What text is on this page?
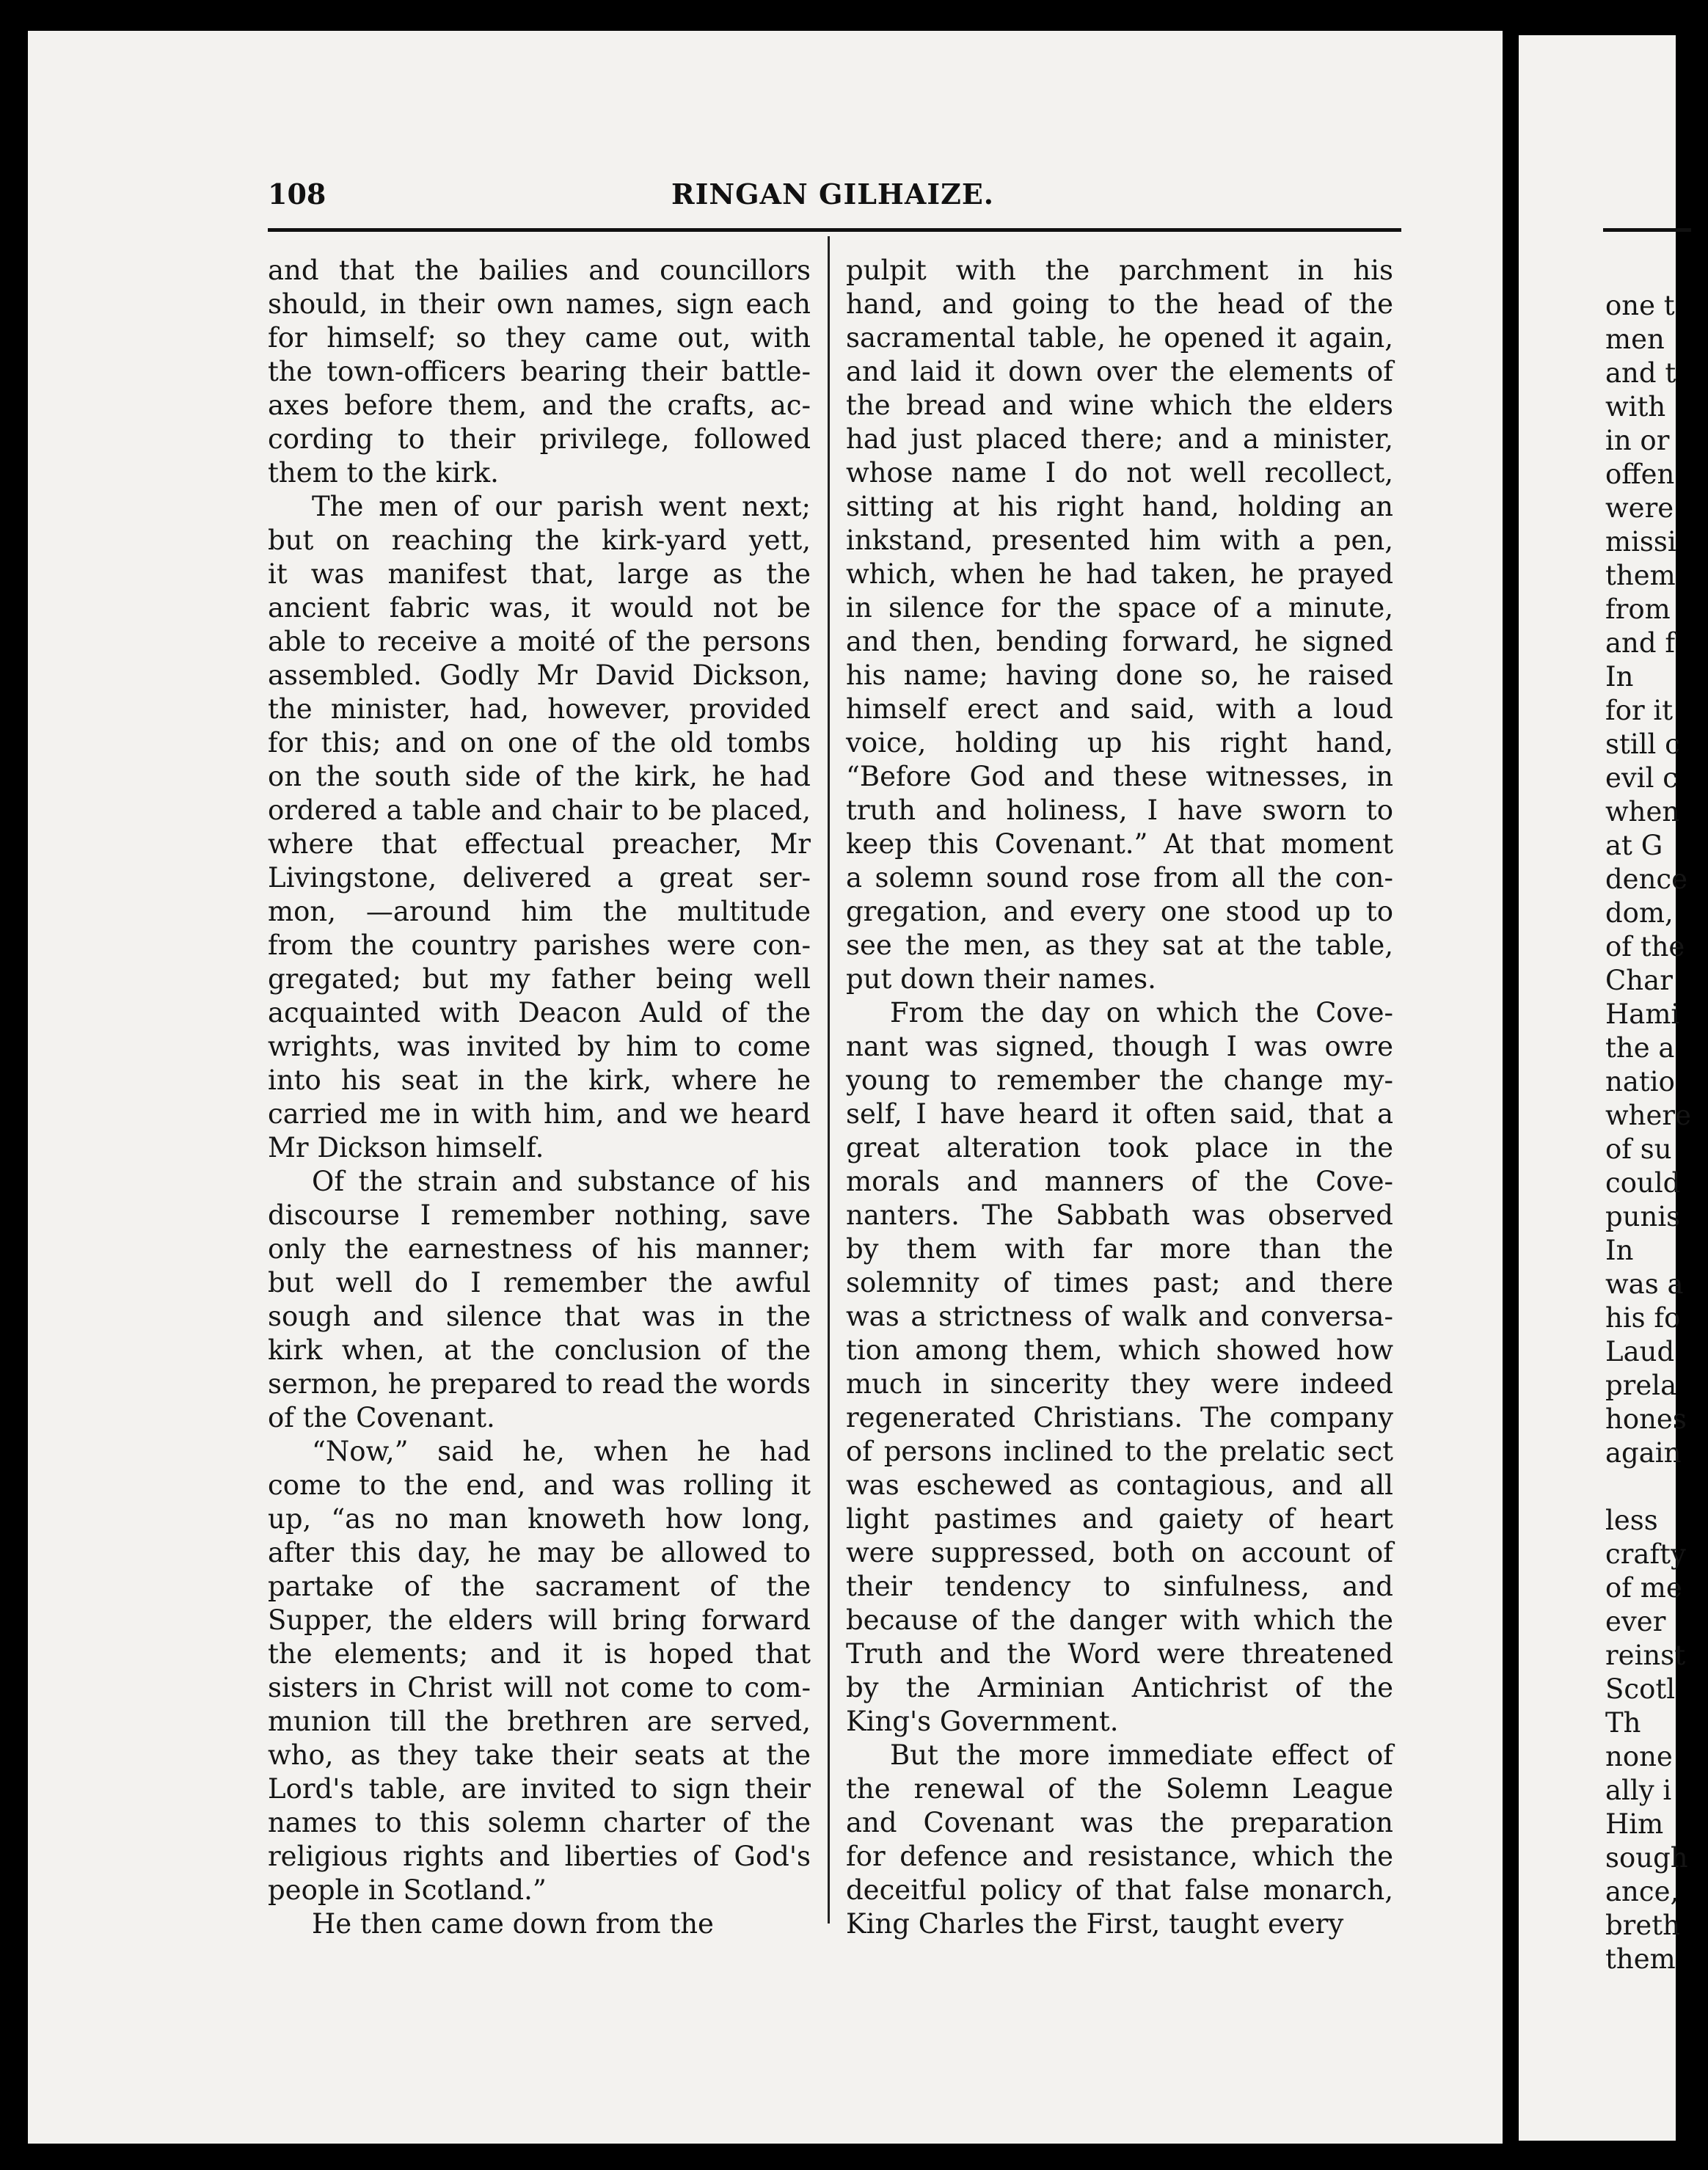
one t
men
and t
with
in or
offen
were
missi
them
from
and f
In
for it
still c
evil c
when
at G
dence
dom,
of the
Char
Hami
the a
natio
where
of su
could
punis
In
was a
his fo
Laud
prela
hones
again
less
crafty
of me
ever
reinst
Scotl
Th
none
ally i
Him
sough
ance,
breth
them
108	RINGAN GILHAIZE.
and that the bailies and councillors
should, in their own names, sign each
for himself; so they came out, with
the town-officers bearing their battle-
axes before them, and the crafts, ac-
cording to their privilege, followed
them to the kirk.
The men of our parish went next;
but on reaching the kirk-yard yett,
it was manifest that, large as the
ancient fabric was, it would not be
able to receive a moité of the persons
assembled. Godly Mr David Dickson,
the minister, had, however, provided
for this; and on one of the old tombs
on the south side of the kirk, he had
ordered a table and chair to be placed,
where that effectual preacher, Mr
Livingstone, delivered a great ser-
mon, —around him the multitude
from the country parishes were con-
gregated; but my father being well
acquainted with Deacon Auld of the
wrights, was invited by him to come
into his seat in the kirk, where he
carried me in with him, and we heard
Mr Dickson himself.
Of the strain and substance of his
discourse I remember nothing, save
only the earnestness of his manner;
but well do I remember the awful
sough and silence that was in the
kirk when, at the conclusion of the
sermon, he prepared to read the words
of the Covenant.
“Now,” said he, when he had
come to the end, and was rolling it
up, “as no man knoweth how long,
after this day, he may be allowed to
partake of the sacrament of the
Supper, the elders will bring forward
the elements; and it is hoped that
sisters in Christ will not come to com-
munion till the brethren are served,
who, as they take their seats at the
Lord's table, are invited to sign their
names to this solemn charter of the
religious rights and liberties of God's
people in Scotland.”
He then came down from the
pulpit with the parchment in his
hand, and going to the head of the
sacramental table, he opened it again,
and laid it down over the elements of
the bread and wine which the elders
had just placed there; and a minister,
whose name I do not well recollect,
sitting at his right hand, holding an
inkstand, presented him with a pen,
which, when he had taken, he prayed
in silence for the space of a minute,
and then, bending forward, he signed
his name; having done so, he raised
himself erect and said, with a loud
voice, holding up his right hand,
“Before God and these witnesses, in
truth and holiness, I have sworn to
keep this Covenant.” At that moment
a solemn sound rose from all the con-
gregation, and every one stood up to
see the men, as they sat at the table,
put down their names.
From the day on which the Cove-
nant was signed, though I was owre
young to remember the change my-
self, I have heard it often said, that a
great alteration took place in the
morals and manners of the Cove-
nanters. The Sabbath was observed
by them with far more than the
solemnity of times past; and there
was a strictness of walk and conversa-
tion among them, which showed how
much in sincerity they were indeed
regenerated Christians. The company
of persons inclined to the prelatic sect
was eschewed as contagious, and all
light pastimes and gaiety of heart
were suppressed, both on account of
their tendency to sinfulness, and
because of the danger with which the
Truth and the Word were threatened
by the Arminian Antichrist of the
King's Government.
But the more immediate effect of
the renewal of the Solemn League
and Covenant was the preparation
for defence and resistance, which the
deceitful policy of that false monarch,
King Charles the First, taught every
